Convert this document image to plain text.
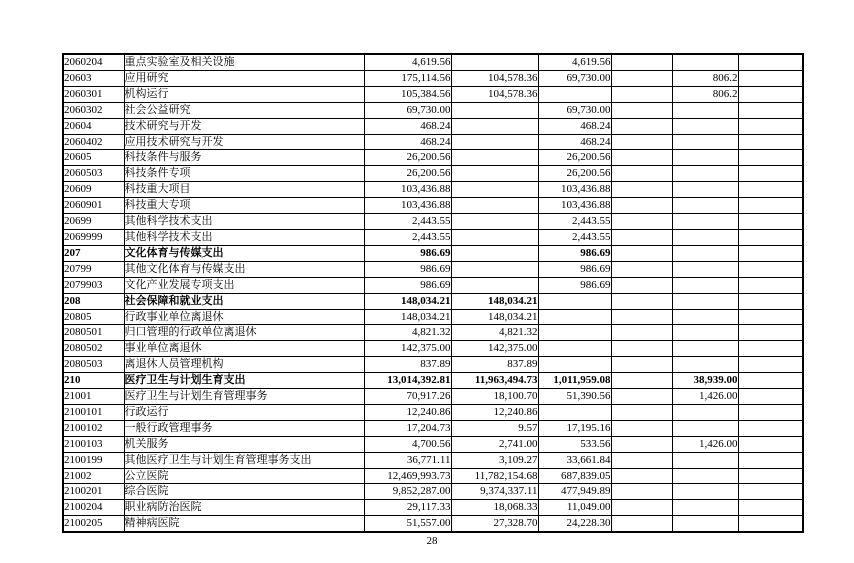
2060204	重点实验室及相关设施	4,619.56		4,619.56			
20603	应用研究	175,114.56	104,578.36	69,730.00		806.2	
2060301	机构运行	105,384.56	104,578.36			806.2	
2060302	社会公益研究	69,730.00		69,730.00			
20604	技术研究与开发	468.24		468.24			
2060402	应用技术研究与开发	468.24		468.24			
20605	科技条件与服务	26,200.56		26,200.56			
2060503	科技条件专项	26,200.56		26,200.56			
20609	科技重大项目	103,436.88		103,436.88			
2060901	科技重大专项	103,436.88		103,436.88			
20699	其他科学技术支出	2,443.55		2,443.55			
2069999	其他科学技术支出	2,443.55		2,443.55			
207	文化体育与传媒支出	986.69		986.69			
20799	其他文化体育与传媒支出	986.69		986.69			
2079903	文化产业发展专项支出	986.69		986.69			
208	社会保障和就业支出	148,034.21	148,034.21				
20805	行政事业单位离退休	148,034.21	148,034.21				
2080501	归口管理的行政单位离退休	4,821.32	4,821.32				
2080502	事业单位离退休	142,375.00	142,375.00				
2080503	离退休人员管理机构	837.89	837.89				
210	医疗卫生与计划生育支出	13,014,392.81	11,963,494.73	1,011,959.08		38,939.00	
21001	医疗卫生与计划生育管理事务	70,917.26	18,100.70	51,390.56		1,426.00	
2100101	行政运行	12,240.86	12,240.86				
2100102	一般行政管理事务	17,204.73	9.57	17,195.16			
2100103	机关服务	4,700.56	2,741.00	533.56		1,426.00	
2100199	其他医疗卫生与计划生育管理事务支出	36,771.11	3,109.27	33,661.84			
21002	公立医院	12,469,993.73	11,782,154.68	687,839.05			
2100201	综合医院	9,852,287.00	9,374,337.11	477,949.89			
2100204	职业病防治医院	29,117.33	18,068.33	11,049.00			
2100205	精神病医院	51,557.00	27,328.70	24,228.30			
28
